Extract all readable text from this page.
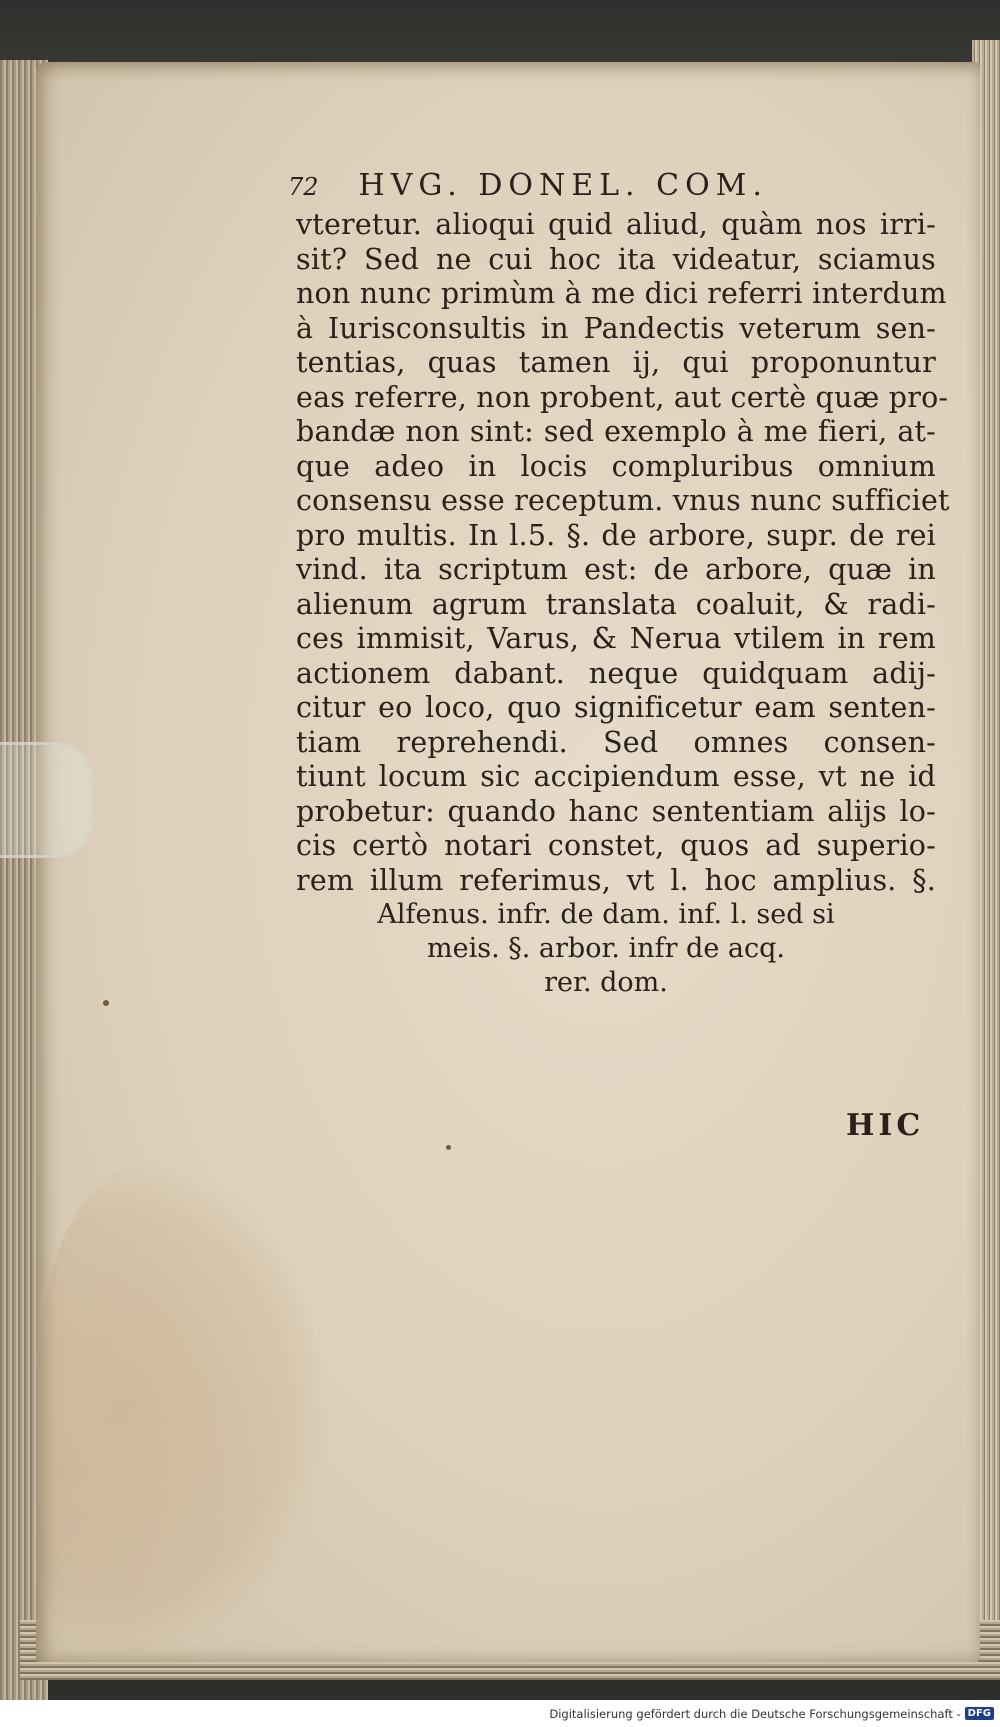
72 HVG. DONEL. COM.
vteretur. alioqui quid aliud, quàm nos irri-
sit? Sed ne cui hoc ita videatur, sciamus
non nunc primùm à me dici referri interdum
à Iurisconsultis in Pandectis veterum sen-
tentias, quas tamen ij, qui proponuntur
eas referre, non probent, aut certè quæ pro-
bandæ non sint: sed exemplo à me fieri, at-
que adeo in locis compluribus omnium
consensu esse receptum. vnus nunc sufficiet
pro multis. In l.5. §. de arbore, supr. de rei
vind. ita scriptum est: de arbore, quæ in
alienum agrum translata coaluit, & radi-
ces immisit, Varus, & Nerua vtilem in rem
actionem dabant. neque quidquam adij-
citur eo loco, quo significetur eam senten-
tiam reprehendi. Sed omnes consen-
tiunt locum sic accipiendum esse, vt ne id
probetur: quando hanc sententiam alijs lo-
cis certò notari constet, quos ad superio-
rem illum referimus, vt l. hoc amplius. §.
Alfenus. infr. de dam. inf. l. sed si
meis. §. arbor. infr de acq.
rer. dom.
HIC
Digitalisierung gefördert durch die Deutsche Forschungsgemeinschaft - DFG
